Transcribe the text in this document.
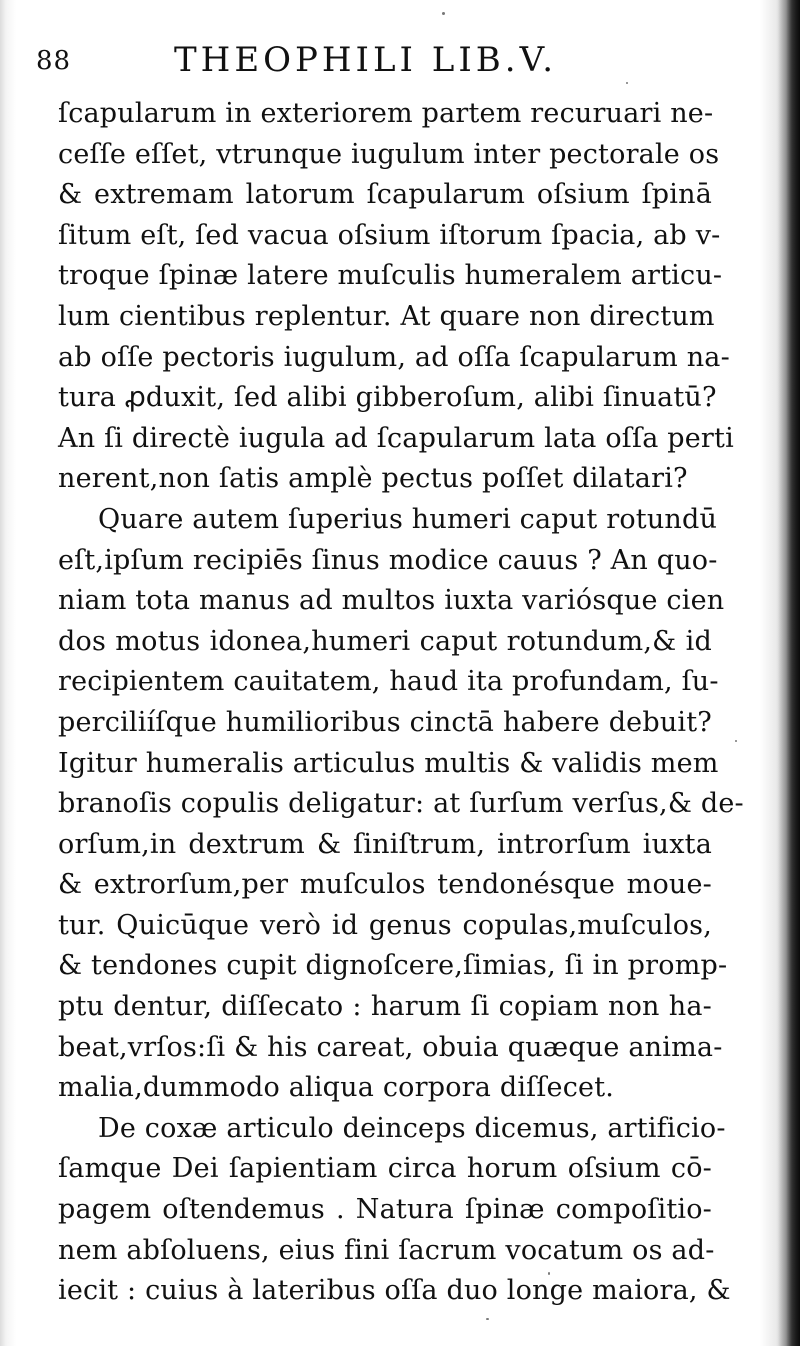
88	THEOPHILI LIB.V.
ſcapularum in exteriorem partem recuruari ne-
ceſſe eſſet, vtrunque iugulum inter pectorale os
& extremam latorum ſcapularum oſsium ſpinā
ſitum eſt, ſed vacua oſsium iſtorum ſpacia, ab v-
troque ſpinæ latere muſculis humeralem articu-
lum cientibus replentur. At quare non directum
ab oſſe pectoris iugulum, ad oſſa ſcapularum na-
tura ꝓduxit, ſed alibi gibberoſum, alibi ſinuatū?
An ſi directè iugula ad ſcapularum lata oſſa perti
nerent,non ſatis amplè pectus poſſet dilatari?
Quare autem ſuperius humeri caput rotundū
eſt,ipſum recipiēs ſinus modice cauus ? An quo-
niam tota manus ad multos iuxta variósque cien
dos motus idonea,humeri caput rotundum,& id
recipientem cauitatem, haud ita profundam, ſu-
perciliíſque humilioribus cinctā habere debuit?
Igitur humeralis articulus multis & validis mem
branoſis copulis deligatur: at ſurſum verſus,& de-
orſum,in dextrum & ſiniſtrum, introrſum iuxta
& extrorſum,per muſculos tendonésque moue-
tur. Quicūque verò id genus copulas,muſculos,
& tendones cupit dignoſcere,ſimias, ſi in promp-
ptu dentur, diſſecato : harum ſi copiam non ha-
beat,vrſos:ſi & his careat, obuia quæque anima-
malia,dummodo aliqua corpora diſſecet.
De coxæ articulo deinceps dicemus, artificio-
ſamque Dei ſapientiam circa horum oſsium cō-
pagem oſtendemus . Natura ſpinæ compoſitio-
nem abſoluens, eius fini ſacrum vocatum os ad-
iecit : cuius à lateribus oſſa duo longe maiora, &
